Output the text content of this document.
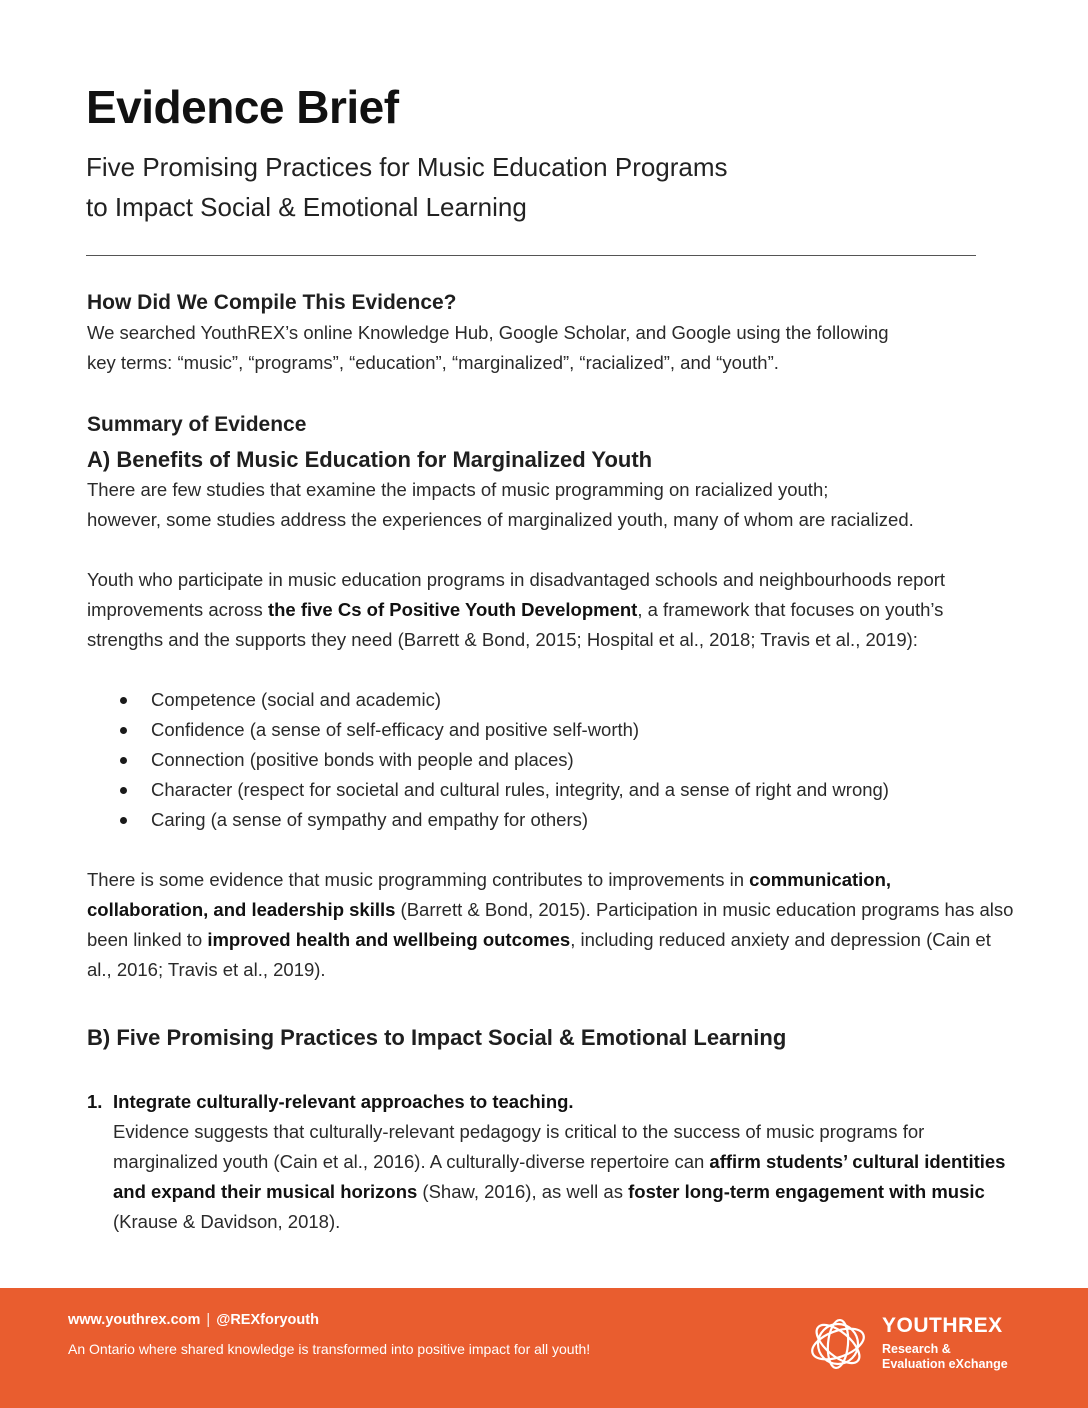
Evidence Brief
Five Promising Practices for Music Education Programs
to Impact Social & Emotional Learning
How Did We Compile This Evidence?

We searched YouthREX’s online Knowledge Hub, Google Scholar, and Google using the following
key terms: “music”, “programs”, “education”, “marginalized”, “racialized”, and “youth”.

Summary of Evidence
A) Benefits of Music Education for Marginalized Youth

There are few studies that examine the impacts of music programming on racialized youth;
however, some studies address the experiences of marginalized youth, many of whom are racialized.

Youth who participate in music education programs in disadvantaged schools and neighbourhoods report improvements across the five Cs of Positive Youth Development, a framework that focuses on youth’s strengths and the supports they need (Barrett & Bond, 2015; Hospital et al., 2018; Travis et al., 2019):

Competence (social and academic)
Confidence (a sense of self-efficacy and positive self-worth)
Connection (positive bonds with people and places)
Character (respect for societal and cultural rules, integrity, and a sense of right and wrong)
Caring (a sense of sympathy and empathy for others)

There is some evidence that music programming contributes to improvements in communication, collaboration, and leadership skills (Barrett & Bond, 2015). Participation in music education programs has also been linked to improved health and wellbeing outcomes, including reduced anxiety and depression (Cain et al., 2016; Travis et al., 2019).

B) Five Promising Practices to Impact Social & Emotional Learning
1. Integrate culturally-relevant approaches to teaching.

Evidence suggests that culturally-relevant pedagogy is critical to the success of music programs for marginalized youth (Cain et al., 2016). A culturally-diverse repertoire can affirm students’ cultural identities and expand their musical horizons (Shaw, 2016), as well as foster long-term engagement with music (Krause & Davidson, 2018).

www.youthrex.com | @REXforyouth
An Ontario where shared knowledge is transformed into positive impact for all youth!
YOUTHREX
Research &
Evaluation eXchange
